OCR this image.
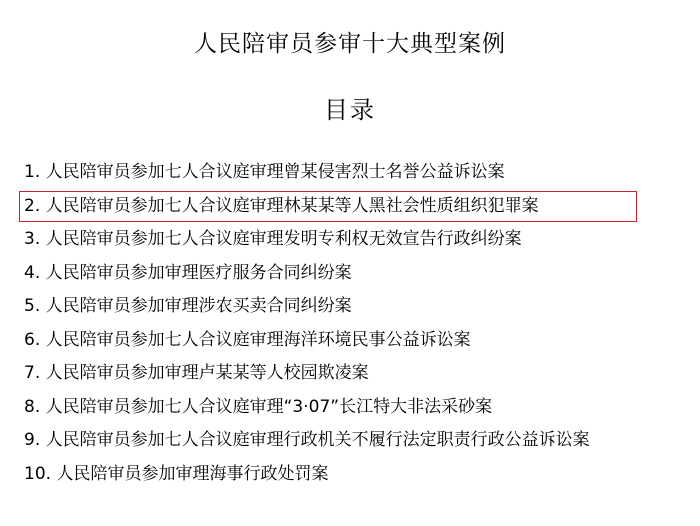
人民陪审员参审十大典型案例
目录
1. 人民陪审员参加七人合议庭审理曾某侵害烈士名誉公益诉讼案
2. 人民陪审员参加七人合议庭审理林某某等人黑社会性质组织犯罪案
3. 人民陪审员参加七人合议庭审理发明专利权无效宣告行政纠纷案
4. 人民陪审员参加审理医疗服务合同纠纷案
5. 人民陪审员参加审理涉农买卖合同纠纷案
6. 人民陪审员参加七人合议庭审理海洋环境民事公益诉讼案
7. 人民陪审员参加审理卢某某等人校园欺凌案
8. 人民陪审员参加七人合议庭审理“3·07”长江特大非法采砂案
9. 人民陪审员参加七人合议庭审理行政机关不履行法定职责行政公益诉讼案
10. 人民陪审员参加审理海事行政处罚案
